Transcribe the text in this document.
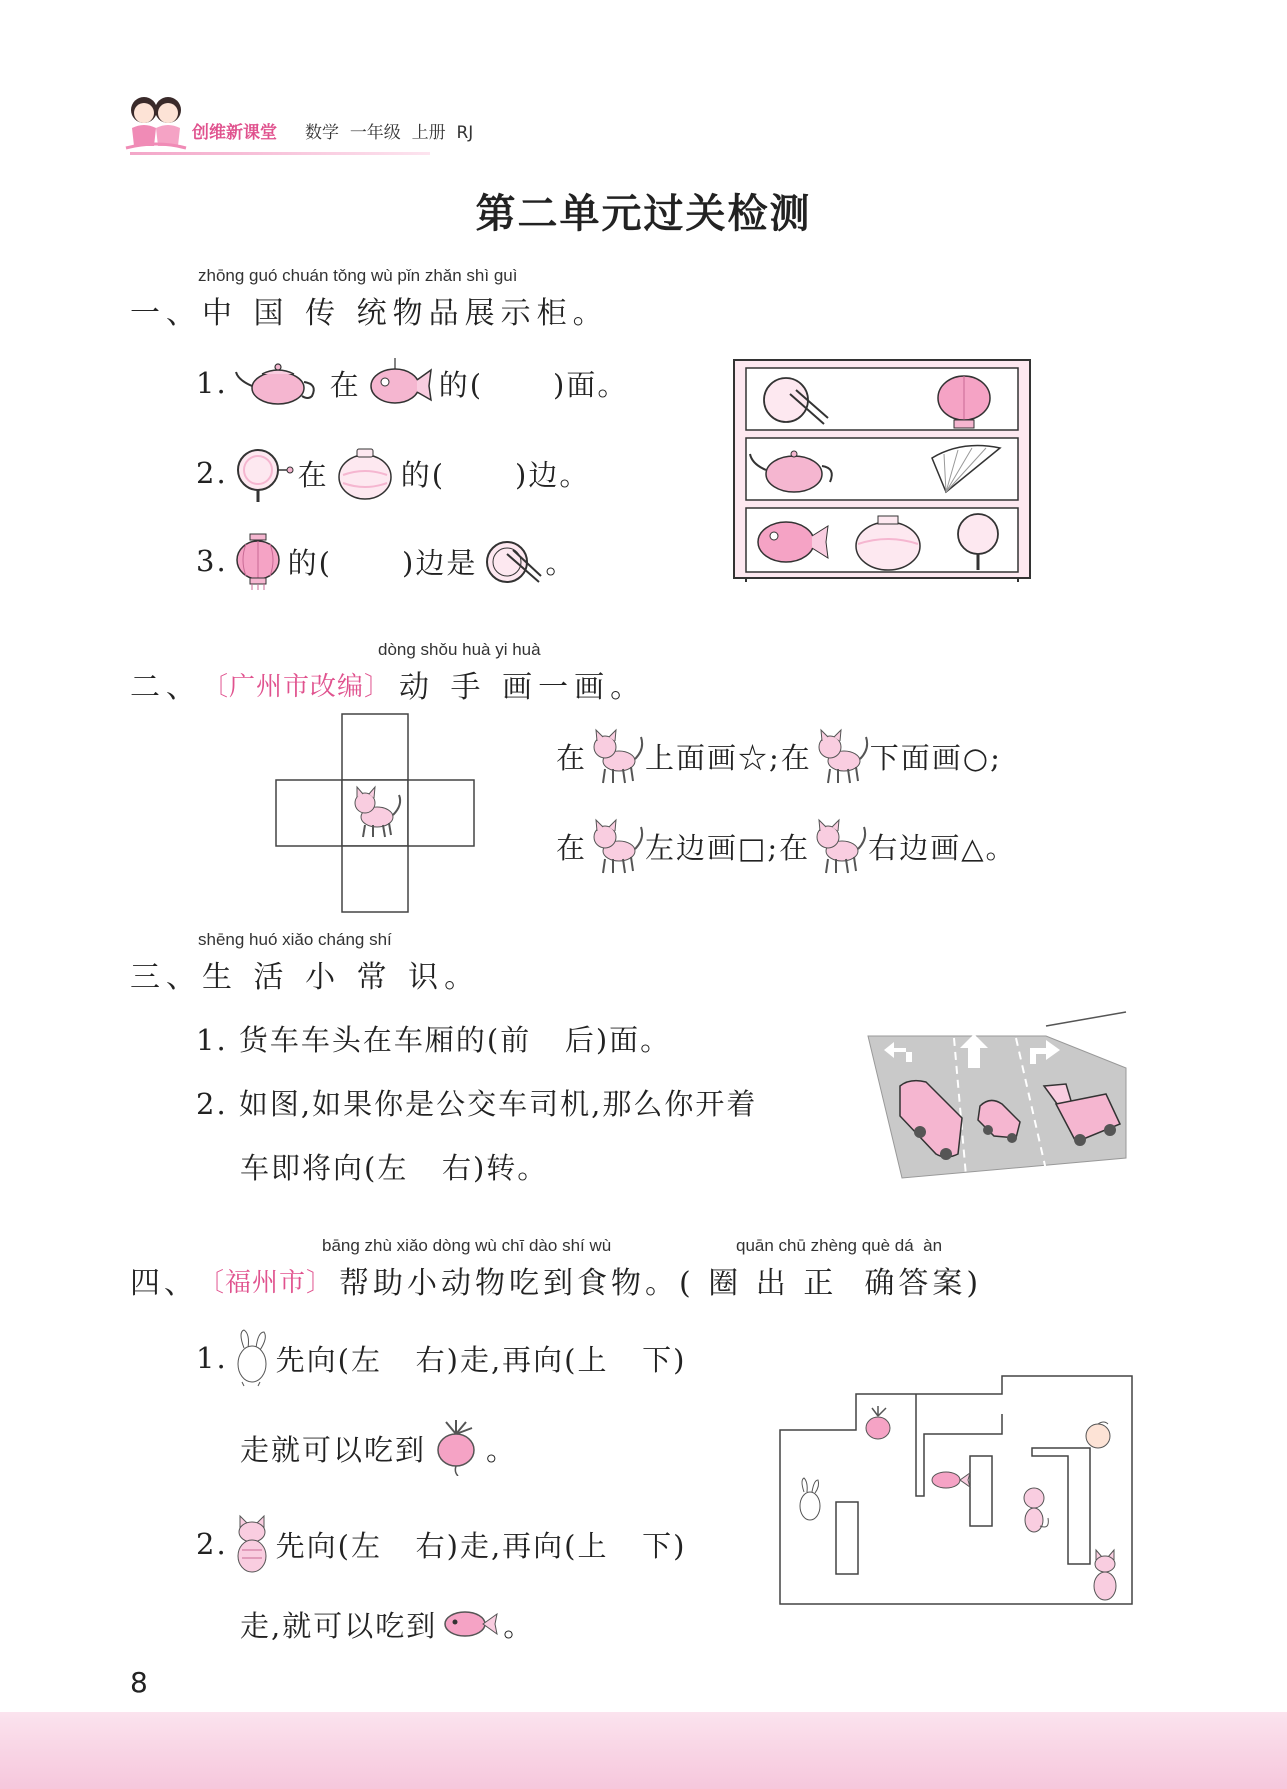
创维新课堂 数学 一年级 上册 RJ
第二单元过关检测
zhōng guó chuán tǒng wù pǐn zhǎn shì guì
一、 中 国 传 统物品展示柜。
1.	在	的( )面。
2. 在 的( )边。
3. 的( )边是 。
dòng shǒu huà yi huà
二、 〔广州市改编〕 动 手 画一画。
在 上面画☆;在 下面画○;
在 左边画□;在 右边画△。
shēng huó xiǎo cháng shí
三、 生 活 小 常 识。
1. 货车车头在车厢的(前   后)面。
2. 如图,如果你是公交车司机,那么你开着
车即将向(左   右)转。
bāng zhù xiǎo dòng wù chī dào shí wù	quān chū zhèng què dá  àn
四、 〔福州市〕 帮助小动物吃到食物。( 圈 出 正  确答案)
1. 先向(左   右)走,再向(上   下)
走就可以吃到 。
2. 先向(左   右)走,再向(上   下)
走,就可以吃到 。
8
